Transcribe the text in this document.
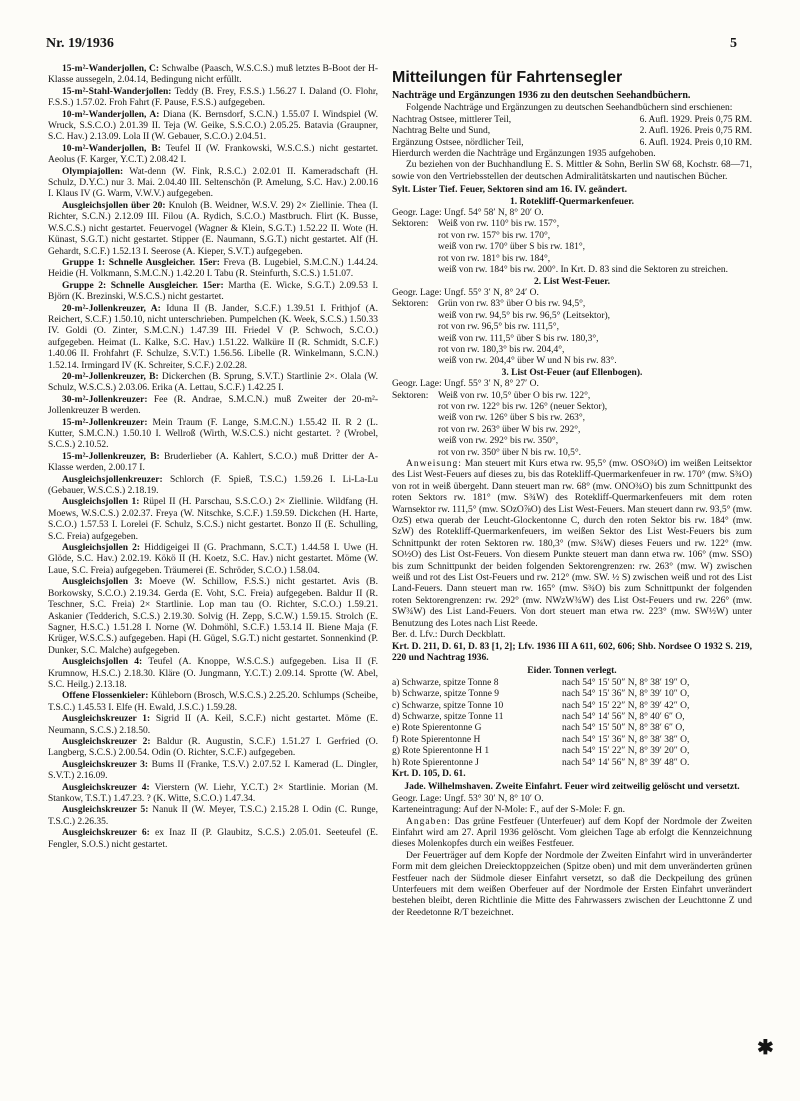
Nr. 19/1936	5

15-m²-Wanderjollen, C: Schwalbe (Paasch, W.S.C.S.) muß letztes B-Boot der H-Klasse aussegeln, 2.04.14, Bedingung nicht erfüllt.

15-m²-Stahl-Wanderjollen: Teddy (B. Frey, F.S.S.) 1.56.27 I. Daland (O. Flohr, F.S.S.) 1.57.02. Froh Fahrt (F. Pause, F.S.S.) aufgegeben.

10-m²-Wanderjollen, A: Diana (K. Bernsdorf, S.C.N.) 1.55.07 I. Windspiel (W. Wruck, S.S.C.O.) 2.01.39 II. Teja (W. Geike, S.S.C.O.) 2.05.25. Batavia (Graupner, S.C. Hav.) 2.13.09. Lola II (W. Gebauer, S.C.O.) 2.04.51.

10-m²-Wanderjollen, B: Teufel II (W. Frankowski, W.S.C.S.) nicht gestartet. Aeolus (F. Karger, Y.C.T.) 2.08.42 I.

Olympiajollen: Wat-denn (W. Fink, R.S.C.) 2.02.01 II. Kameradschaft (H. Schulz, D.Y.C.) nur 3. Mai. 2.04.40 III. Seltenschön (P. Amelung, S.C. Hav.) 2.00.16 I. Klaus IV (G. Warm, V.W.V.) aufgegeben.

Ausgleichsjollen über 20: Knuloh (B. Weidner, W.S.V. 29) 2× Ziellinie. Thea (I. Richter, S.C.N.) 2.12.09 III. Filou (A. Rydich, S.C.O.) Mastbruch. Flirt (K. Busse, W.S.C.S.) nicht gestartet. Feuervogel (Wagner & Klein, S.G.T.) 1.52.22 II. Wote (H. Künast, S.G.T.) nicht gestartet. Stipper (E. Naumann, S.G.T.) nicht gestartet. Alf (H. Gehardt, S.C.F.) 1.52.13 I. Seerose (A. Kieper, S.V.T.) aufgegeben.

Gruppe 1: Schnelle Ausgleicher. 15er: Freva (B. Lugebiel, S.M.C.N.) 1.44.24. Heidie (H. Volkmann, S.M.C.N.) 1.42.20 I. Tabu (R. Steinfurth, S.C.S.) 1.51.07.

Gruppe 2: Schnelle Ausgleicher. 15er: Martha (E. Wicke, S.G.T.) 2.09.53 I. Björn (K. Brezinski, W.S.C.S.) nicht gestartet.

20-m²-Jollenkreuzer, A: Iduna II (B. Jander, S.C.F.) 1.39.51 I. Frithjof (A. Reichert, S.C.F.) 1.50.10, nicht unterschrieben. Pumpelchen (K. Week, S.C.S.) 1.50.33 IV. Goldi (O. Zinter, S.M.C.N.) 1.47.39 III. Friedel V (P. Schwoch, S.C.O.) aufgegeben. Heimat (L. Kalke, S.C. Hav.) 1.51.22. Walküre II (R. Schmidt, S.C.F.) 1.40.06 II. Frohfahrt (F. Schulze, S.V.T.) 1.56.56. Libelle (R. Winkelmann, S.C.N.) 1.52.14. Irmingard IV (K. Schreiter, S.C.F.) 2.02.28.

20-m²-Jollenkreuzer, B: Dickerchen (B. Sprung, S.V.T.) Startlinie 2×. Olala (W. Schulz, W.S.C.S.) 2.03.06. Erika (A. Lettau, S.C.F.) 1.42.25 I.

30-m²-Jollenkreuzer: Fee (R. Andrae, S.M.C.N.) muß Zweiter der 20-m²-Jollenkreuzer B werden.

15-m²-Jollenkreuzer: Mein Traum (F. Lange, S.M.C.N.) 1.55.42 II. R 2 (L. Kutter, S.M.C.N.) 1.50.10 I. Wellroß (Wirth, W.S.C.S.) nicht gestartet. ? (Wrobel, S.C.S.) 2.10.52.

15-m²-Jollenkreuzer, B: Bruderlieber (A. Kahlert, S.C.O.) muß Dritter der A-Klasse werden, 2.00.17 I.

Ausgleichsjollenkreuzer: Schlorch (F. Spieß, T.S.C.) 1.59.26 I. Li-La-Lu (Gebauer, W.S.C.S.) 2.18.19.

Ausgleichsjollen 1: Rüpel II (H. Parschau, S.S.C.O.) 2× Ziellinie. Wildfang (H. Moews, W.S.C.S.) 2.02.37. Freya (W. Nitschke, S.C.F.) 1.59.59. Dickchen (H. Harte, S.C.O.) 1.57.53 I. Lorelei (F. Schulz, S.C.S.) nicht gestartet. Bonzo II (E. Schulling, S.C. Freia) aufgegeben.

Ausgleichsjollen 2: Hiddigeigei II (G. Prachmann, S.C.T.) 1.44.58 I. Uwe (H. Glöde, S.C. Hav.) 2.02.19. Kökö II (H. Koetz, S.C. Hav.) nicht gestartet. Möme (W. Laue, S.C. Freia) aufgegeben. Träumerei (E. Schröder, S.C.O.) 1.58.04.

Ausgleichsjollen 3: Moeve (W. Schillow, F.S.S.) nicht gestartet. Avis (B. Borkowsky, S.C.O.) 2.19.34. Gerda (E. Voht, S.C. Freia) aufgegeben. Baldur II (R. Teschner, S.C. Freia) 2× Startlinie. Lop man tau (O. Richter, S.C.O.) 1.59.21. Askanier (Tedderich, S.C.S.) 2.19.30. Solvig (H. Zepp, S.C.W.) 1.59.15. Strolch (E. Sagner, H.S.C.) 1.51.28 I. Norne (W. Dohmöhl, S.C.F.) 1.53.14 II. Biene Maja (F. Krüger, W.S.C.S.) aufgegeben. Hapi (H. Gügel, S.G.T.) nicht gestartet. Sonnenkind (P. Dunker, S.C. Malche) aufgegeben.

Ausgleichsjollen 4: Teufel (A. Knoppe, W.S.C.S.) aufgegeben. Lisa II (F. Krumnow, H.S.C.) 2.18.30. Kläre (O. Jungmann, Y.C.T.) 2.09.14. Sprotte (W. Abel, S.C. Heilg.) 2.13.18.

Offene Flossenkieler: Kühleborn (Brosch, W.S.C.S.) 2.25.20. Schlumps (Scheibe, T.S.C.) 1.45.53 I. Elfe (H. Ewald, J.S.C.) 1.59.28.

Ausgleichskreuzer 1: Sigrid II (A. Keil, S.C.F.) nicht gestartet. Möme (E. Neumann, S.C.S.) 2.18.50.

Ausgleichskreuzer 2: Baldur (R. Augustin, S.C.F.) 1.51.27 I. Gerfried (O. Langberg, S.C.S.) 2.00.54. Odin (O. Richter, S.C.F.) aufgegeben.

Ausgleichskreuzer 3: Bums II (Franke, T.S.V.) 2.07.52 I. Kamerad (L. Dingler, S.V.T.) 2.16.09.

Ausgleichskreuzer 4: Vierstern (W. Liehr, Y.C.T.) 2× Startlinie. Morian (M. Stankow, T.S.T.) 1.47.23. ? (K. Witte, S.C.O.) 1.47.34.

Ausgleichskreuzer 5: Nanuk II (W. Meyer, T.S.C.) 2.15.28 I. Odin (C. Runge, T.S.C.) 2.26.35.

Ausgleichskreuzer 6: ex Inaz II (P. Glaubitz, S.C.S.) 2.05.01. Seeteufel (E. Fengler, S.O.S.) nicht gestartet.

Mitteilungen für Fahrtensegler
Nachträge und Ergänzungen 1936 zu den deutschen Seehandbüchern.

Folgende Nachträge und Ergänzungen zu deutschen Seehandbüchern sind erschienen:

Nachtrag Ostsee, mittlerer Teil,	6. Aufl. 1929. Preis 0,75 RM.
Nachtrag Belte und Sund,	2. Aufl. 1926. Preis 0,75 RM.
Ergänzung Ostsee, nördlicher Teil,	6. Aufl. 1924. Preis 0,10 RM.
Hierdurch werden die Nachträge und Ergänzungen 1935 aufgehoben.

Zu beziehen von der Buchhandlung E. S. Mittler & Sohn, Berlin SW 68, Kochstr. 68—71, sowie von den Vertriebsstellen der deutschen Admiralitätskarten und nautischen Bücher.

Sylt. Lister Tief. Feuer, Sektoren sind am 16. IV. geändert.
1. Rotekliff-Quermarkenfeuer.
Geogr. Lage: Ungf. 54° 58′ N, 8° 20′ O.
Sektoren:	Weiß von rw. 110° bis rw. 157°,
rot von rw. 157° bis rw. 170°,
weiß von rw. 170° über S bis rw. 181°,
rot von rw. 181° bis rw. 184°,
weiß von rw. 184° bis rw. 200°. In Krt. D. 83 sind die Sektoren zu streichen.
2. List West-Feuer.
Geogr. Lage: Ungf. 55° 3′ N, 8° 24′ O.
Sektoren:	Grün von rw. 83° über O bis rw. 94,5°,
weiß von rw. 94,5° bis rw. 96,5° (Leitsektor),
rot von rw. 96,5° bis rw. 111,5°,
weiß von rw. 111,5° über S bis rw. 180,3°,
rot von rw. 180,3° bis rw. 204,4°,
weiß von rw. 204,4° über W und N bis rw. 83°.
3. List Ost-Feuer (auf Ellenbogen).
Geogr. Lage: Ungf. 55° 3′ N, 8° 27′ O.
Sektoren:	Weiß von rw. 10,5° über O bis rw. 122°,
rot von rw. 122° bis rw. 126° (neuer Sektor),
weiß von rw. 126° über S bis rw. 263°,
rot von rw. 263° über W bis rw. 292°,
weiß von rw. 292° bis rw. 350°,
rot von rw. 350° über N bis rw. 10,5°.

Anweisung: Man steuert mit Kurs etwa rw. 95,5° (mw. OSO¾O) im weißen Leitsektor des List West-Feuers auf dieses zu, bis das Rotekliff-Quermarkenfeuer in rw. 170° (mw. S¾O) von rot in weiß übergeht. Dann steuert man rw. 68° (mw. ONO¾O) bis zum Schnittpunkt des roten Sektors rw. 181° (mw. S¾W) des Rotekliff-Quermarkenfeuers mit dem roten Warnsektor rw. 111,5° (mw. SOzO⅞O) des List West-Feuers. Man steuert dann rw. 93,5° (mw. OzS) etwa querab der Leucht-Glockentonne C, durch den roten Sektor bis rw. 184° (mw. SzW) des Rotekliff-Quermarkenfeuers, im weißen Sektor des List West-Feuers bis zum Schnittpunkt der roten Sektoren rw. 180,3° (mw. S¾W) dieses Feuers und rw. 122° (mw. SO½O) des List Ost-Feuers. Von diesem Punkte steuert man dann etwa rw. 106° (mw. SSO) bis zum Schnittpunkt der beiden folgenden Sektorengrenzen: rw. 263° (mw. W) zwischen weiß und rot des List Ost-Feuers und rw. 212° (mw. SW. ½ S) zwischen weiß und rot des List Land-Feuers. Dann steuert man rw. 165° (mw. S¾O) bis zum Schnittpunkt der folgenden roten Sektorengrenzen: rw. 292° (mw. NWzW¾W) des List Ost-Feuers und rw. 226° (mw. SW¾W) des List Land-Feuers. Von dort steuert man etwa rw. 223° (mw. SW½W) unter Benutzung des Lotes nach List Reede.

Ber. d. Lfv.: Durch Deckblatt.
Krt. D. 211, D. 61, D. 83 [1, 2]; Lfv. 1936 III A 611, 602, 606; Shb. Nordsee O 1932 S. 219, 220 und Nachtrag 1936.
Eider. Tonnen verlegt.
a) Schwarze, spitze Tonne 8	nach 54° 15′ 50″ N, 8° 38′ 19″ O,
b) Schwarze, spitze Tonne 9	nach 54° 15′ 36″ N, 8° 39′ 10″ O,
c) Schwarze, spitze Tonne 10	nach 54° 15′ 22″ N, 8° 39′ 42″ O,
d) Schwarze, spitze Tonne 11	nach 54° 14′ 56″ N, 8° 40′ 6″ O,
e) Rote Spierentonne G	nach 54° 15′ 50″ N, 8° 38′ 6″ O,
f) Rote Spierentonne H	nach 54° 15′ 36″ N, 8° 38′ 38″ O,
g) Rote Spierentonne H 1	nach 54° 15′ 22″ N, 8° 39′ 20″ O,
h) Rote Spierentonne J	nach 54° 14′ 56″ N, 8° 39′ 48″ O.
Krt. D. 105, D. 61.
Jade. Wilhelmshaven. Zweite Einfahrt. Feuer wird zeitweilig gelöscht und versetzt.
Geogr. Lage: Ungf. 53° 30′ N, 8° 10′ O.
Karteneintragung: Auf der N-Mole: F., auf der S-Mole: F. gn.

Angaben: Das grüne Festfeuer (Unterfeuer) auf dem Kopf der Nordmole der Zweiten Einfahrt wird am 27. April 1936 gelöscht. Vom gleichen Tage ab erfolgt die Kennzeichnung dieses Molenkopfes durch ein weißes Festfeuer.

Der Feuerträger auf dem Kopfe der Nordmole der Zweiten Einfahrt wird in unveränderter Form mit dem gleichen Dreiecktoppzeichen (Spitze oben) und mit dem unveränderten grünen Festfeuer nach der Südmole dieser Einfahrt versetzt, so daß die Deckpeilung des grünen Unterfeuers mit dem weißen Oberfeuer auf der Nordmole der Ersten Einfahrt unverändert bestehen bleibt, deren Richtlinie die Mitte des Fahrwassers zwischen der Leuchttonne Z und der Reedetonne R/T bezeichnet.

✱
